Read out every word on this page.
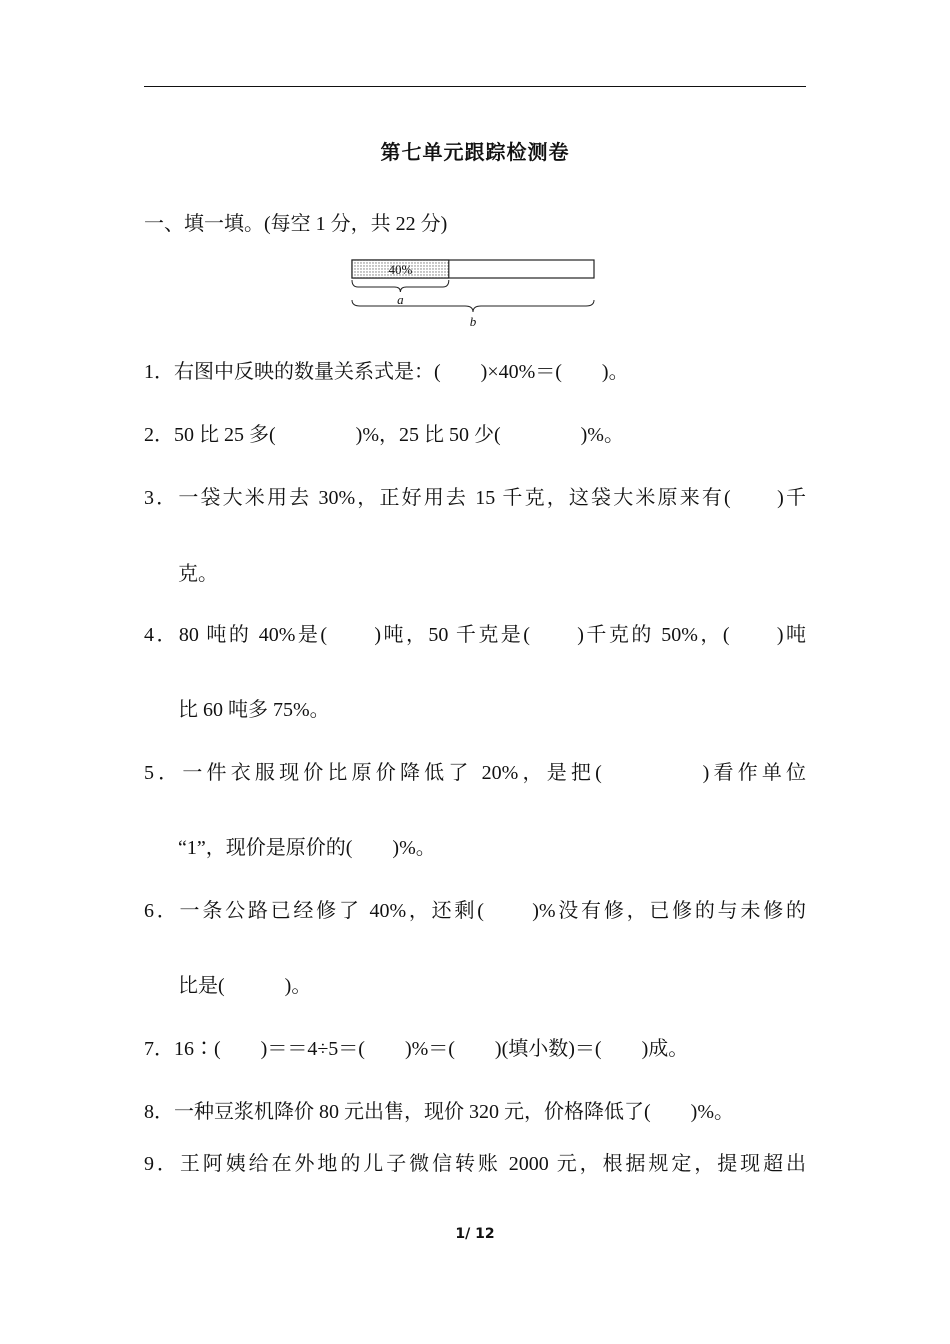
第七单元跟踪检测卷
一、填一填。(每空 1 分，共 22 分)
40%
a
b
1．右图中反映的数量关系式是：(　　)×40%＝(　　)。
2．50 比 25 多(　　　　)%，25 比 50 少(　　　　)%。
3．一袋大米用去 30%，正好用去 15 千克，这袋大米原来有(　　)千
克。
4．80 吨的 40%是(　　)吨，50 千克是(　　)千克的 50%，(　　)吨
比 60 吨多 75%。
5．一件衣服现价比原价降低了 20%，是把(　　　　)看作单位
“1”，现价是原价的(　　)%。
6．一条公路已经修了 40%，还剩(　　)%没有修，已修的与未修的
比是(　　　)。
7．16∶(　　)＝＝4÷5＝(　　)%＝(　　)(填小数)＝(　　)成。
8．一种豆浆机降价 80 元出售，现价 320 元，价格降低了(　　)%。
9．王阿姨给在外地的儿子微信转账 2000 元，根据规定，提现超出
1/ 12
